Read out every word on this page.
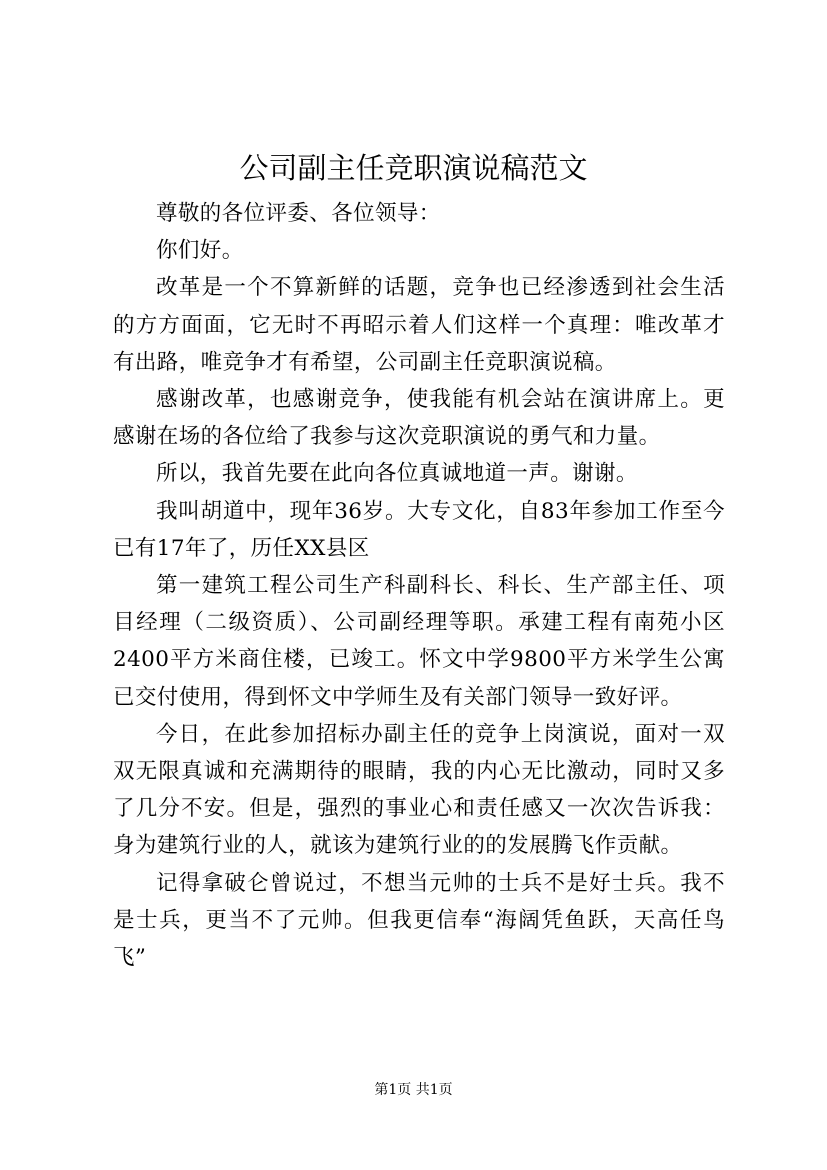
公司副主任竞职演说稿范文

尊敬的各位评委、各位领导：

你们好。

改革是一个不算新鲜的话题，竞争也已经渗透到社会生活的方方面面，它无时不再昭示着人们这样一个真理：唯改革才有出路，唯竞争才有希望，公司副主任竞职演说稿。

感谢改革，也感谢竞争，使我能有机会站在演讲席上。更感谢在场的各位给了我参与这次竞职演说的勇气和力量。

所以，我首先要在此向各位真诚地道一声。谢谢。

我叫胡道中，现年36岁。大专文化，自83年参加工作至今已有17年了，历任XX县区

第一建筑工程公司生产科副科长、科长、生产部主任、项目经理（二级资质）、公司副经理等职。承建工程有南苑小区2400平方米商住楼，已竣工。怀文中学9800平方米学生公寓已交付使用，得到怀文中学师生及有关部门领导一致好评。

今日，在此参加招标办副主任的竞争上岗演说，面对一双双无限真诚和充满期待的眼睛，我的内心无比激动，同时又多了几分不安。但是，强烈的事业心和责任感又一次次告诉我：身为建筑行业的人，就该为建筑行业的的发展腾飞作贡献。

记得拿破仑曾说过，不想当元帅的士兵不是好士兵。我不是士兵，更当不了元帅。但我更信奉“海阔凭鱼跃，天高任鸟飞”

第1页 共1页
